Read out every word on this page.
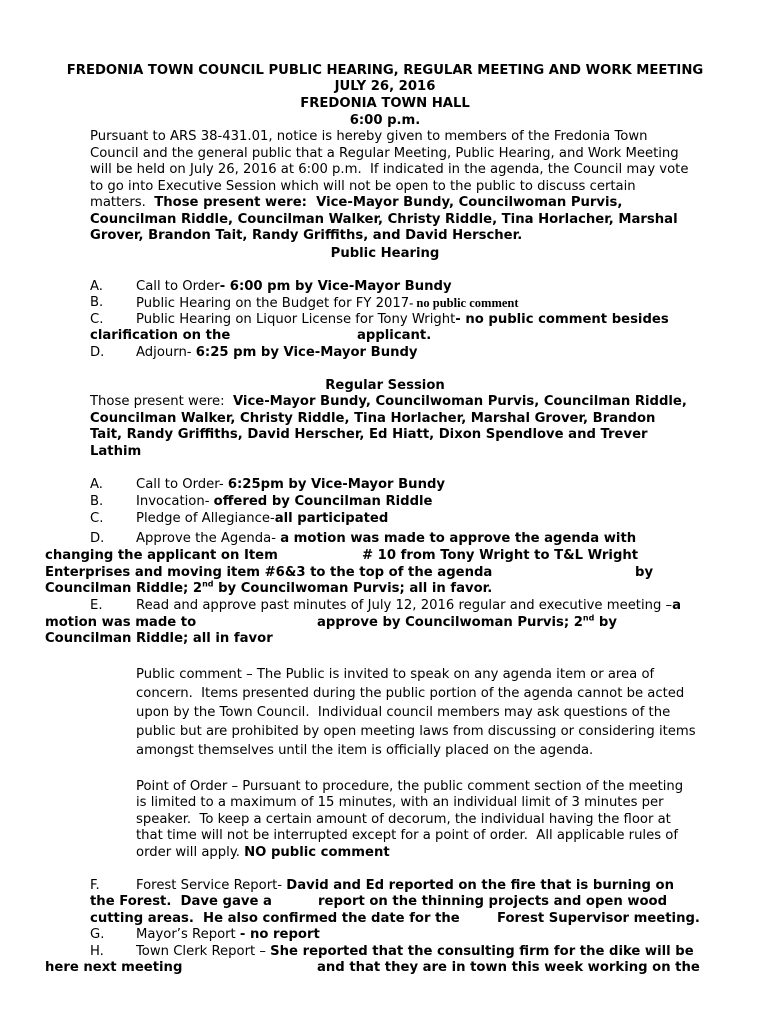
FREDONIA TOWN COUNCIL PUBLIC HEARING, REGULAR MEETING AND WORK MEETING
JULY 26, 2016
FREDONIA TOWN HALL
6:00 p.m.
Pursuant to ARS 38-431.01, notice is hereby given to members of the Fredonia Town
Council and the general public that a Regular Meeting, Public Hearing, and Work Meeting
will be held on July 26, 2016 at 6:00 p.m.  If indicated in the agenda, the Council may vote
to go into Executive Session which will not be open to the public to discuss certain
matters.  Those present were:  Vice-Mayor Bundy, Councilwoman Purvis,
Councilman Riddle, Councilman Walker, Christy Riddle, Tina Horlacher, Marshal
Grover, Brandon Tait, Randy Griffiths, and David Herscher.
Public Hearing
A.	Call to Order- 6:00 pm by Vice-Mayor Bundy
B. Public Hearing on the Budget for FY 2017- no public comment
C. Public Hearing on Liquor License for Tony Wright- no public comment besides
clarification on the	applicant.
D. Adjourn- 6:25 pm by Vice-Mayor Bundy
Regular Session
Those present were:  Vice-Mayor Bundy, Councilwoman Purvis, Councilman Riddle,
Councilman Walker, Christy Riddle, Tina Horlacher, Marshal Grover, Brandon
Tait, Randy Griffiths, David Herscher, Ed Hiatt, Dixon Spendlove and Trever
Lathim
A.	Call to Order- 6:25pm by Vice-Mayor Bundy
B. Invocation- offered by Councilman Riddle
C. Pledge of Allegiance-all participated
D. Approve the Agenda- a motion was made to approve the agenda with
changing the applicant on Item	# 10 from Tony Wright to T&L Wright
Enterprises and moving item #6&3 to the top of the agenda	by
Councilman Riddle; 2nd by Councilwoman Purvis; all in favor.
E.	Read and approve past minutes of July 12, 2016 regular and executive meeting –a
motion was made to	approve by Councilwoman Purvis; 2nd by
Councilman Riddle; all in favor
Public comment – The Public is invited to speak on any agenda item or area of
concern.  Items presented during the public portion of the agenda cannot be acted
upon by the Town Council.  Individual council members may ask questions of the
public but are prohibited by open meeting laws from discussing or considering items
amongst themselves until the item is officially placed on the agenda.
Point of Order – Pursuant to procedure, the public comment section of the meeting
is limited to a maximum of 15 minutes, with an individual limit of 3 minutes per
speaker.  To keep a certain amount of decorum, the individual having the floor at
that time will not be interrupted except for a point of order.  All applicable rules of
order will apply. NO public comment
F.	Forest Service Report- David and Ed reported on the fire that is burning on
the Forest.  Dave gave a	report on the thinning projects and open wood
cutting areas.  He also confirmed the date for the	Forest Supervisor meeting.
G. Mayor’s Report - no report
H. Town Clerk Report – She reported that the consulting firm for the dike will be
here next meeting	and that they are in town this week working on the
